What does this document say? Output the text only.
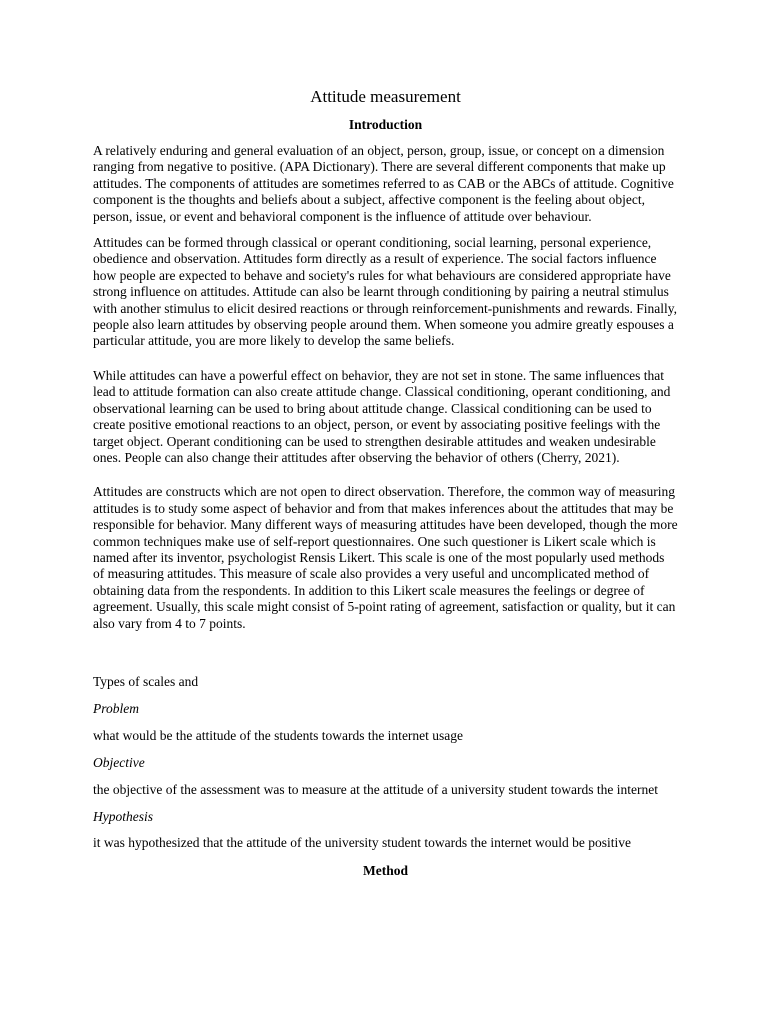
Attitude measurement
Introduction

A relatively enduring and general evaluation of an object, person, group, issue, or concept on a dimension ranging from negative to positive. (APA Dictionary). There are several different components that make up attitudes. The components of attitudes are sometimes referred to as CAB or the ABCs of attitude. Cognitive component is the thoughts and beliefs about a subject, affective component is the feeling about object, person, issue, or event and behavioral component is the influence of attitude over behaviour.

Attitudes can be formed through classical or operant conditioning, social learning, personal experience, obedience and observation. Attitudes form directly as a result of experience. The social factors influence how people are expected to behave and society's rules for what behaviours are considered appropriate have strong influence on attitudes. Attitude can also be learnt through conditioning by pairing a neutral stimulus with another stimulus to elicit desired reactions or through reinforcement-punishments and rewards. Finally, people also learn attitudes by observing people around them. When someone you admire greatly espouses a particular attitude, you are more likely to develop the same beliefs.

While attitudes can have a powerful effect on behavior, they are not set in stone. The same influences that lead to attitude formation can also create attitude change. Classical conditioning, operant conditioning, and observational learning can be used to bring about attitude change. Classical conditioning can be used to create positive emotional reactions to an object, person, or event by associating positive feelings with the target object. Operant conditioning can be used to strengthen desirable attitudes and weaken undesirable ones. People can also change their attitudes after observing the behavior of others (Cherry, 2021).

Attitudes are constructs which are not open to direct observation. Therefore, the common way of measuring attitudes is to study some aspect of behavior and from that makes inferences about the attitudes that may be responsible for behavior. Many different ways of measuring attitudes have been developed, though the more common techniques make use of self-report questionnaires. One such questioner is Likert scale which is named after its inventor, psychologist Rensis Likert. This scale is one of the most popularly used methods of measuring attitudes. This measure of scale also provides a very useful and uncomplicated method of obtaining data from the respondents. In addition to this Likert scale measures the feelings or degree of agreement. Usually, this scale might consist of 5-point rating of agreement, satisfaction or quality, but it can also vary from 4 to 7 points.

Types of scales and

Problem

what would be the attitude of the students towards the internet usage

Objective

the objective of the assessment was to measure at the attitude of a university student towards the internet

Hypothesis

it was hypothesized that the attitude of the university student towards the internet would be positive

Method
